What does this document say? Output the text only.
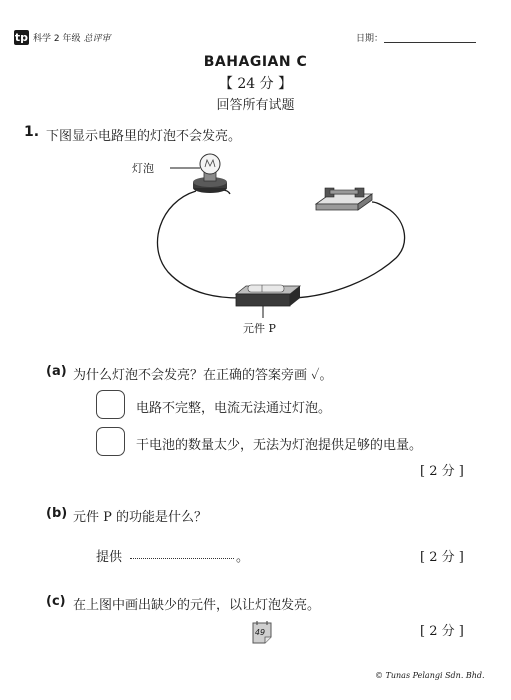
tp 科学 2 年级 总评审	日期：
BAHAGIAN C
【 24 分 】
回答所有试题
1. 下图显示电路里的灯泡不会发亮。
灯泡
元件 P
(a) 为什么灯泡不会发亮？在正确的答案旁画 ✓。
电路不完整，电流无法通过灯泡。
干电池的数量太少，无法为灯泡提供足够的电量。
[ 2 分 ]
(b) 元件 P 的功能是什么？
提供	。	[ 2 分 ]
(c) 在上图中画出缺少的元件，以让灯泡发亮。
[ 2 分 ]
49
© Tunas Pelangi Sdn. Bhd.
